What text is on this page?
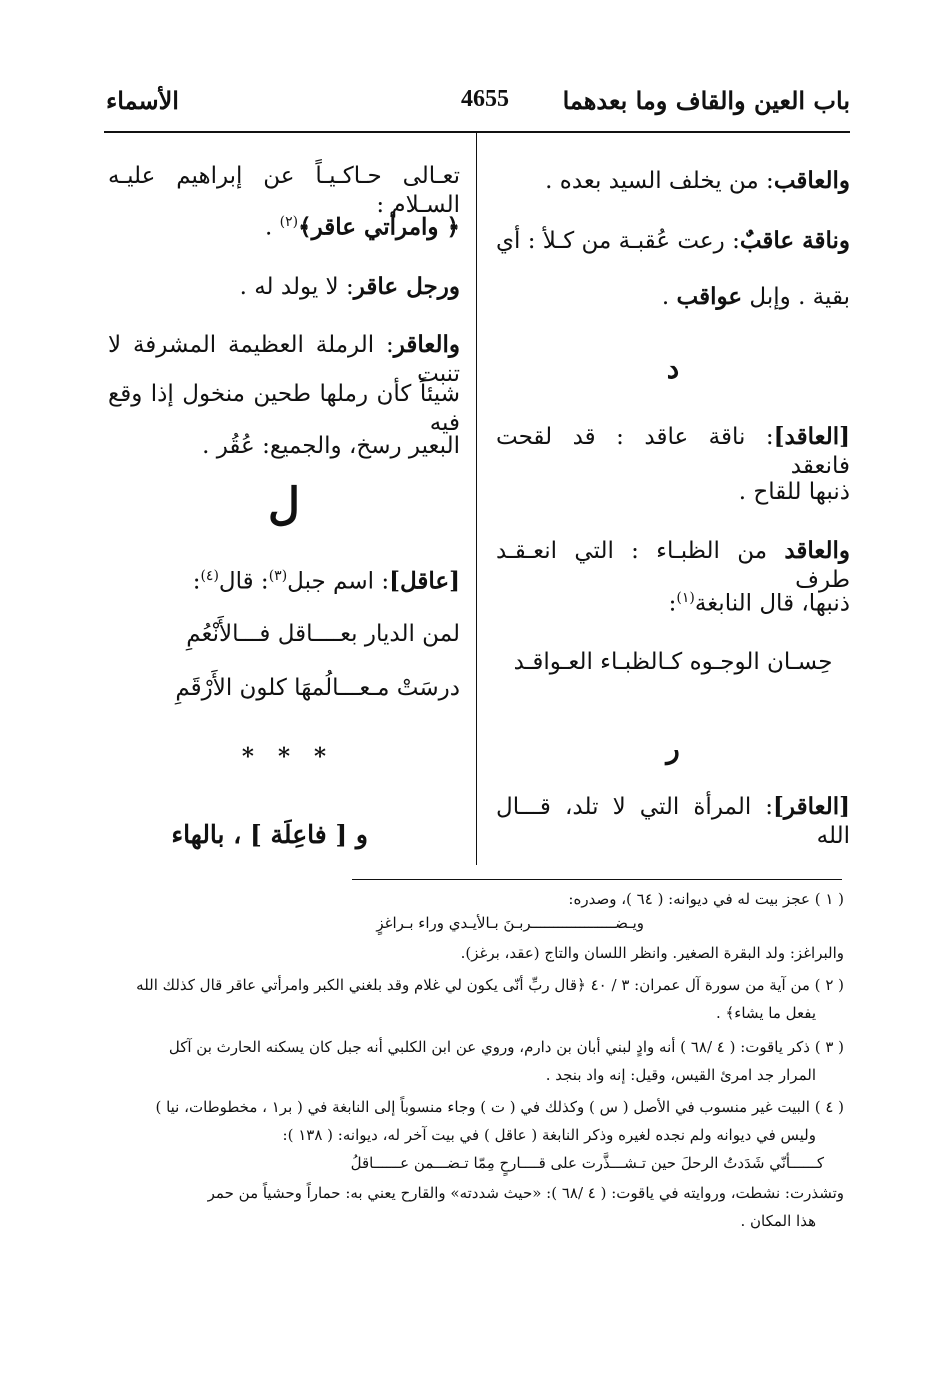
باب العين والقاف وما بعدهما
4655
الأسماء

والعاقب: من يخلف السيد بعده .

وناقة عاقبٌ: رعت عُقبـة من كـلأ : أي

بقية . وإبل عواقب .

د

[العاقد]: ناقة عاقد : قد لقحت فانعقد

ذنبها للقاح .

والعاقد من الظبـاء : التي انعـقـد طرف

ذنبها، قال النابغة$^{(١)}$:

حِسـان الوجـوه كـالظبـاء العـواقـد
ر

[العاقر]: المرأة التي لا تلد، قـــال الله

تعـالى حـاكـيـاً عن إبراهيم عليـه السـلام :

﴿ وامرأتي عاقر﴾$^{(٢)}$ .

ورجل عاقر: لا يولد له .

والعاقر: الرملة العظيمة المشرفة لا تنبت

شيئاً كأن رملها طحين منخول إذا وقع فيه

البعير رسخ، والجميع: عُقُر .

ل

[عاقل]: اسم جبل$^{(٣)}$: قال$^{(٤)}$:

لمن الديار بعــــاقل فـــالأَنْعُمِ
درسَتْ مـعـــالُمهَا كلون الأَرْقَمِ
*   *   *
و [ فاعِلَة ] ، بالهاء
( ١ ) عجز بيت له في ديوانه: ( ٦٤ )، وصدره:
ويـضـــــــــــــــــــربـنَ بـالأيـدي وراء بـراغزٍ
والبراغز: ولد البقرة الصغير. وانظر اللسان والتاج (عقد، برغز).
( ٢ ) من آية من سورة آل عمران: ٣ / ٤٠ ﴿قال ربِّ أنّى يكون لي غلام وقد بلغني الكبر وامرأتي عاقر قال كذلك الله
يفعل ما يشاء﴾ .
( ٣ ) ذكر ياقوت: ( ٤ /٦٨ ) أنه وادٍ لبني أبان بن دارم، وروي عن ابن الكلبي أنه جبل كان يسكنه الحارث بن آكل
المرار جد امرئ القيس، وقيل: إنه واد بنجد .
( ٤ ) البيت غير منسوب في الأصل ( س ) وكذلك في ( ت ) وجاء منسوباً إلى النابغة في ( بر١ ، مخطوطات، نيا )
وليس في ديوانه ولم نجده لغيره وذكر النابغة ( عاقل ) في بيت آخر له، ديوانه: ( ١٣٨ ):
كــــــأنّي شَدَدتُ الرحلَ حين تـشـــذَّرت على قــــارحٍ مِمّا تـضـــمن عــــــاقلُ
وتشذرت: نشطت، وروايته في ياقوت: ( ٤ /٦٨ ): «حيث شددته» والقارح يعني به: حماراً وحشياً من حمر
هذا المكان .
